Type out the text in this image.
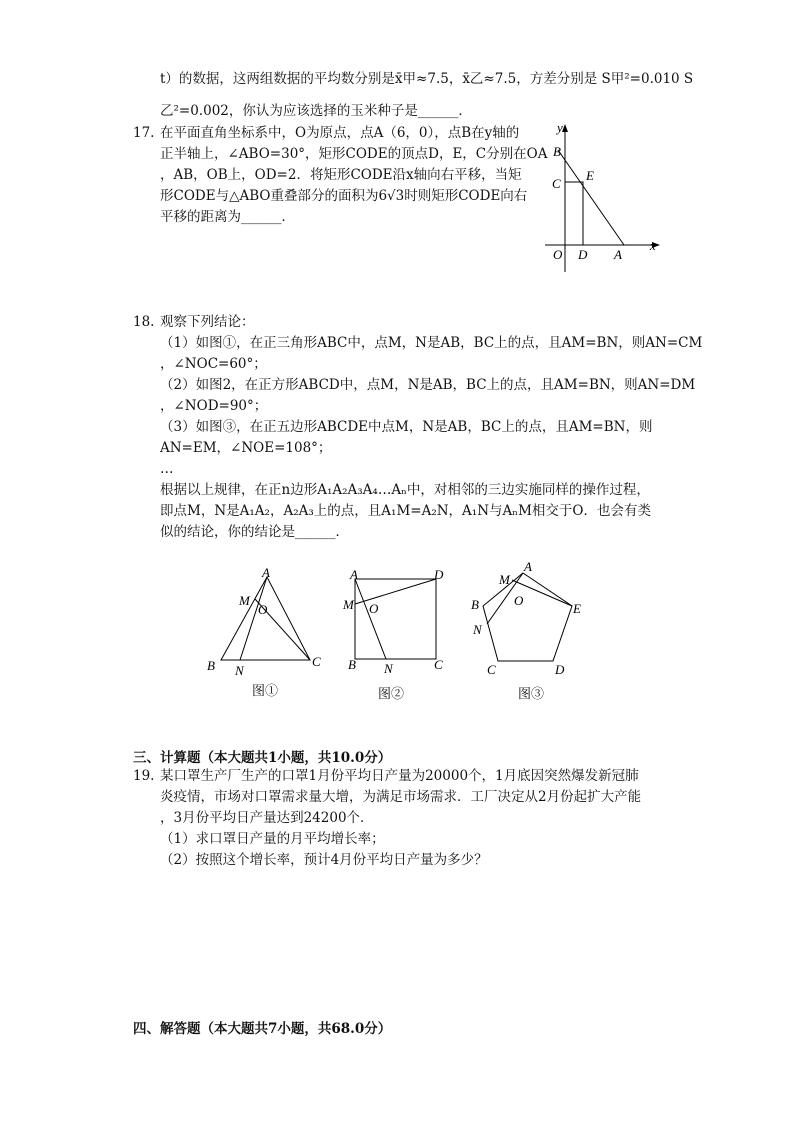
t）的数据，这两组数据的平均数分别是x̄甲≈7.5，x̄乙≈7.5，方差分别是 S甲²=0.010 S
乙²=0.002，你认为应该选择的玉米种子是______．
17. 在平面直角坐标系中，O为原点，点A（6，0），点B在y轴的
正半轴上，∠ABO=30°，矩形CODE的顶点D，E，C分别在OA
，AB，OB上，OD=2．将矩形CODE沿x轴向右平移，当矩
形CODE与△ABO重叠部分的面积为6√3时则矩形CODE向右
平移的距离为______．
y
B
C
E
O D A
x
18. 观察下列结论：
（1）如图①，在正三角形ABC中，点M，N是AB，BC上的点，且AM=BN，则AN=CM
，∠NOC=60°；
（2）如图2，在正方形ABCD中，点M，N是AB，BC上的点，且AM=BN，则AN=DM
，∠NOD=90°；
（3）如图③，在正五边形ABCDE中点M，N是AB，BC上的点，且AM=BN，则
AN=EM，∠NOE=108°；
…
根据以上规律，在正n边形A₁A₂A₃A₄…Aₙ中，对相邻的三边实施同样的操作过程，
即点M，N是A₁A₂，A₂A₃上的点，且A₁M=A₂N，A₁N与AₙM相交于O．也会有类
似的结论，你的结论是______．
A
M
O
B N
C
图①
A	D
M O
B N	C
图②
A
M
O
B	E
N
C	D
图③
三、计算题（本大题共1小题，共10.0分）
19. 某口罩生产厂生产的口罩1月份平均日产量为20000个，1月底因突然爆发新冠肺
炎疫情，市场对口罩需求量大增，为满足市场需求．工厂决定从2月份起扩大产能
，3月份平均日产量达到24200个．
（1）求口罩日产量的月平均增长率；
（2）按照这个增长率，预计4月份平均日产量为多少？
四、解答题（本大题共7小题，共68.0分）
